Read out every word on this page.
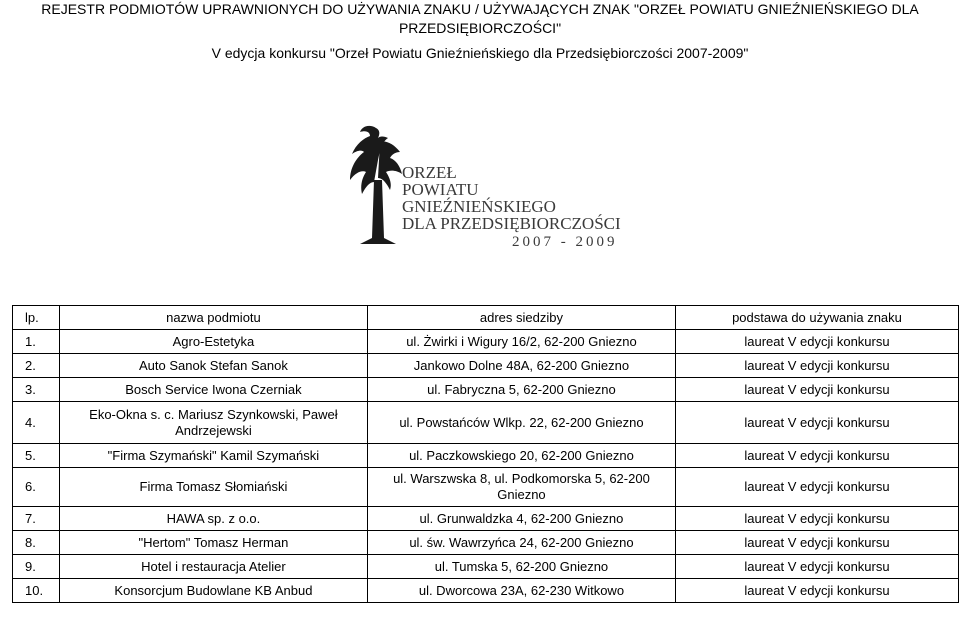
REJESTR PODMIOTÓW UPRAWNIONYCH DO UŻYWANIA ZNAKU / UŻYWAJĄCYCH ZNAK "ORZEŁ POWIATU GNIEŹNIEŃSKIEGO DLA
PRZEDSIĘBIORCZOŚCI"
V edycja konkursu "Orzeł Powiatu Gnieźnieńskiego dla Przedsiębiorczości 2007-2009"
ORZEŁ
POWIATU
GNIEŹNIEŃSKIEGO
DLA PRZEDSIĘBIORCZOŚCI
2007 - 2009
lp.	nazwa podmiotu	adres siedziby	podstawa do używania znaku
1.	Agro-Estetyka	ul. Żwirki i Wigury 16/2, 62-200 Gniezno	laureat V edycji konkursu
2.	Auto Sanok Stefan Sanok	Jankowo Dolne 48A, 62-200 Gniezno	laureat V edycji konkursu
3.	Bosch Service Iwona Czerniak	ul. Fabryczna 5, 62-200 Gniezno	laureat V edycji konkursu
4.	Eko-Okna s. c. Mariusz Szynkowski, Paweł Andrzejewski	ul. Powstańców Wlkp. 22, 62-200 Gniezno	laureat V edycji konkursu
5.	"Firma Szymański" Kamil Szymański	ul. Paczkowskiego 20, 62-200 Gniezno	laureat V edycji konkursu
6.	Firma Tomasz Słomiański	ul. Warszwska 8, ul. Podkomorska 5, 62-200 Gniezno	laureat V edycji konkursu
7.	HAWA sp. z o.o.	ul. Grunwaldzka 4, 62-200 Gniezno	laureat V edycji konkursu
8.	"Hertom" Tomasz Herman	ul. św. Wawrzyńca 24, 62-200 Gniezno	laureat V edycji konkursu
9.	Hotel i restauracja Atelier	ul. Tumska 5, 62-200 Gniezno	laureat V edycji konkursu
10.	Konsorcjum Budowlane KB Anbud	ul. Dworcowa 23A, 62-230 Witkowo	laureat V edycji konkursu
